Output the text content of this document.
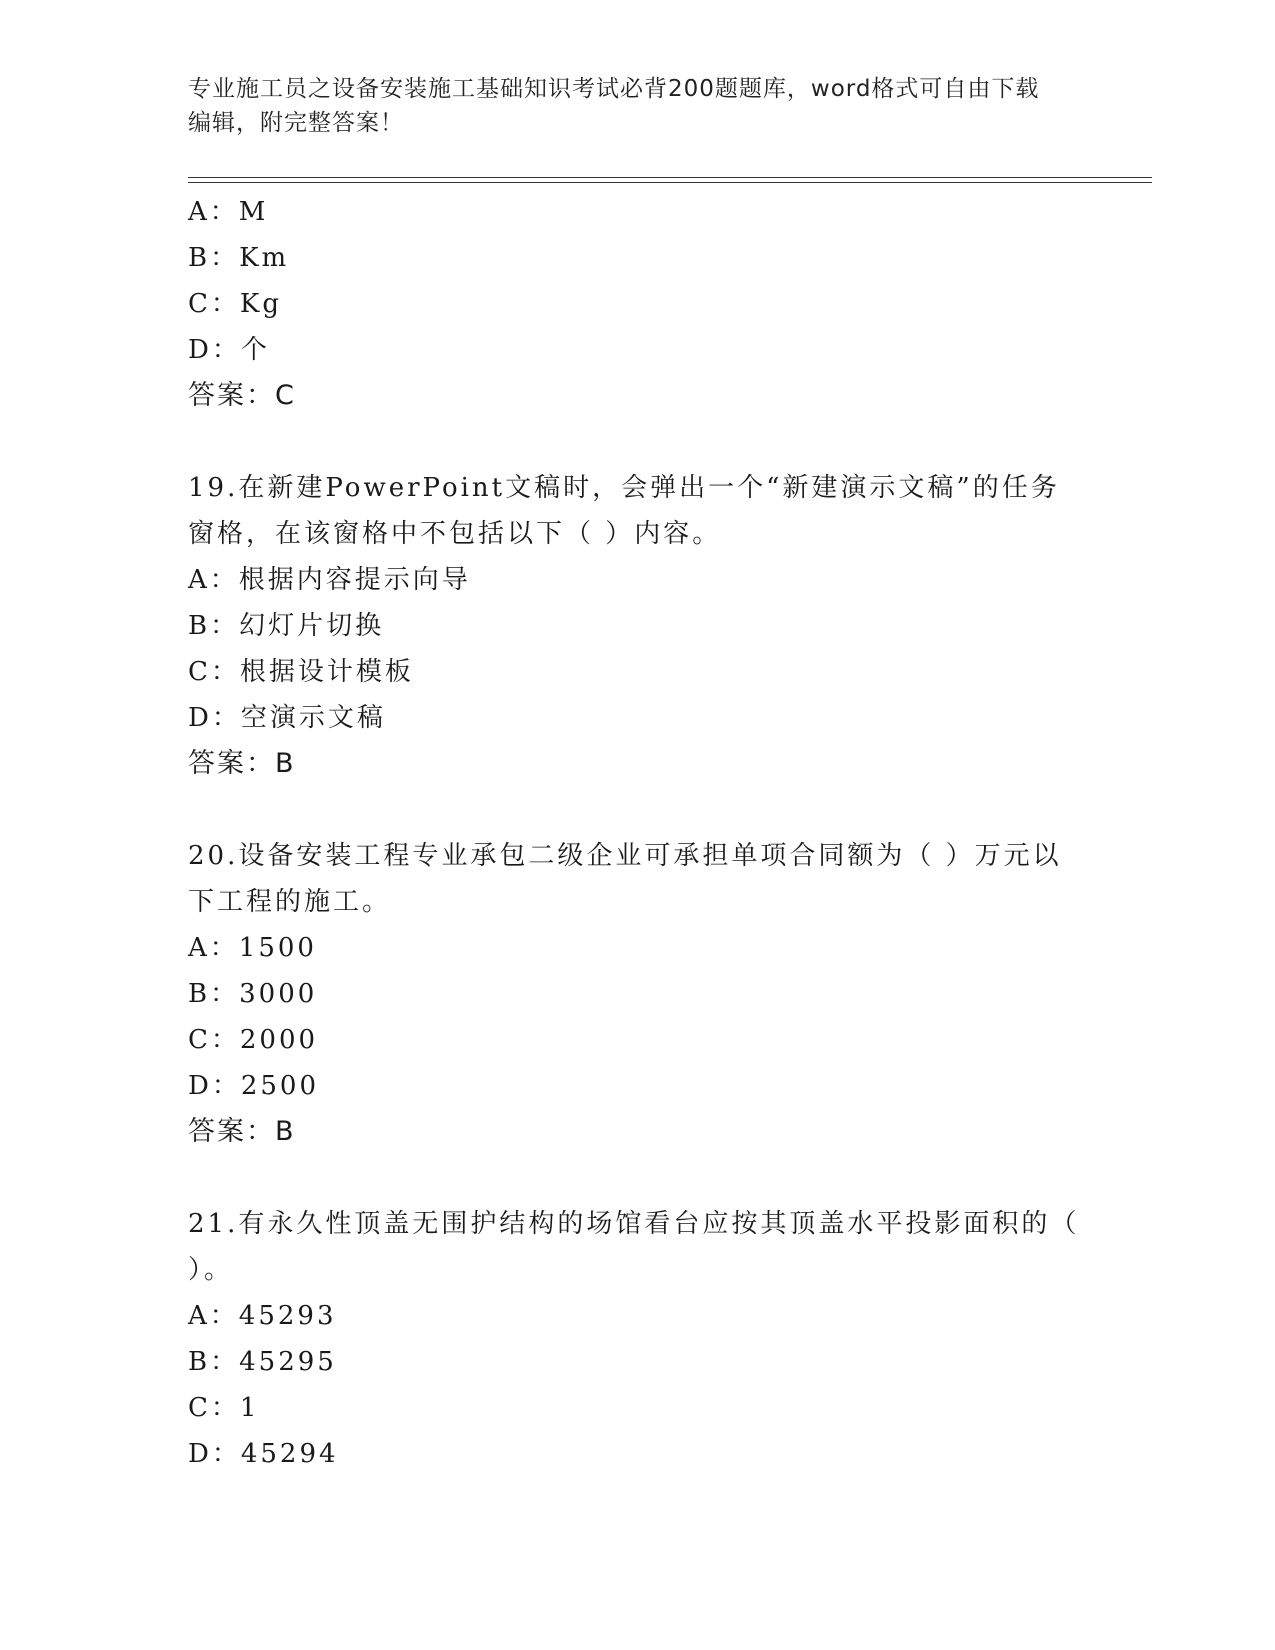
专业施工员之设备安装施工基础知识考试必背200题题库，word格式可自由下载
编辑，附完整答案！
A：M
B：Km
C：Kg
D：个
答案：C
19.在新建PowerPoint文稿时，会弹出一个“新建演示文稿”的任务
窗格，在该窗格中不包括以下（ ）内容。
A：根据内容提示向导
B：幻灯片切换
C：根据设计模板
D：空演示文稿
答案：B
20.设备安装工程专业承包二级企业可承担单项合同额为（ ）万元以
下工程的施工。
A：1500
B：3000
C：2000
D：2500
答案：B
21.有永久性顶盖无围护结构的场馆看台应按其顶盖水平投影面积的（
）。
A：45293
B：45295
C：1
D：45294
